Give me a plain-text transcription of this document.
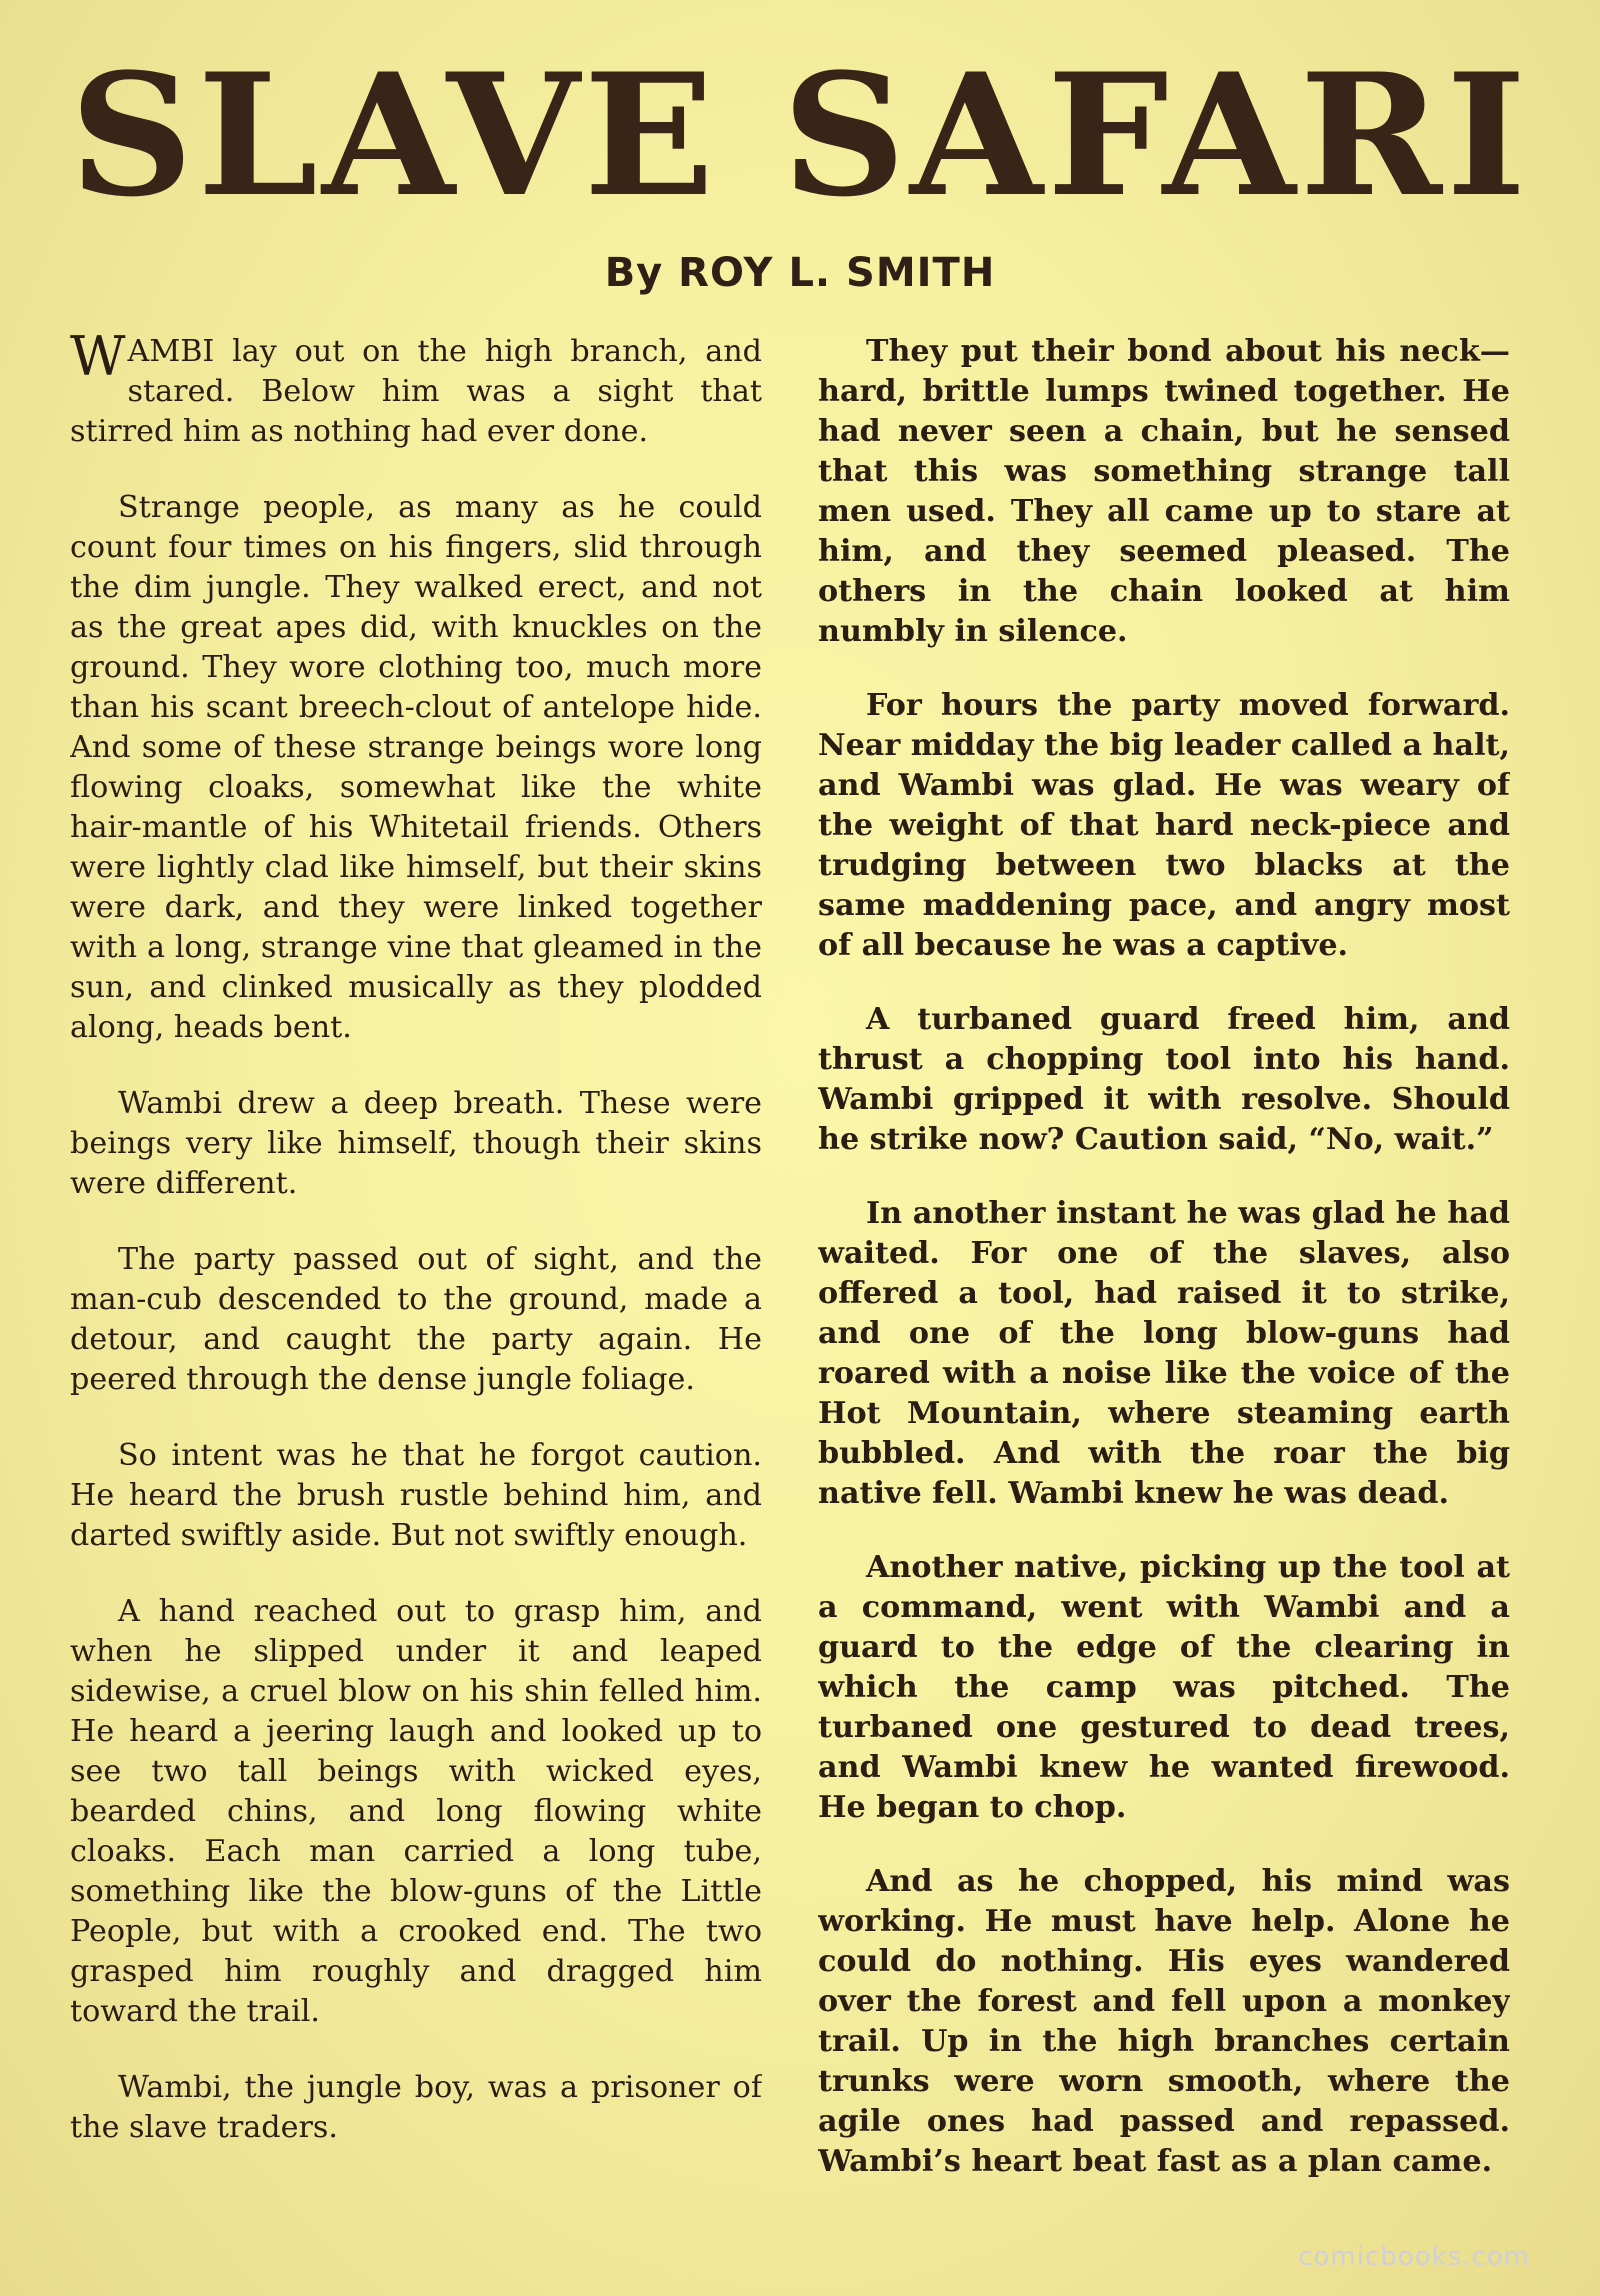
SLAVE SAFARI
By ROY L. SMITH

WAMBI lay out on the high branch, and stared. Below him was a sight that stirred him as nothing had ever done.

Strange people, as many as he could count four times on his fingers, slid through the dim jungle. They walked erect, and not as the great apes did, with knuckles on the ground. They wore clothing too, much more than his scant breech-clout of antelope hide. And some of these strange beings wore long flowing cloaks, somewhat like the white hair-mantle of his Whitetail friends. Others were lightly clad like himself, but their skins were dark, and they were linked together with a long, strange vine that gleamed in the sun, and clinked musically as they plodded along, heads bent.

Wambi drew a deep breath. These were beings very like himself, though their skins were different.

The party passed out of sight, and the man-cub descended to the ground, made a detour, and caught the party again. He peered through the dense jungle foliage.

So intent was he that he forgot caution. He heard the brush rustle behind him, and darted swiftly aside. But not swiftly enough.

A hand reached out to grasp him, and when he slipped under it and leaped sidewise, a cruel blow on his shin felled him. He heard a jeering laugh and looked up to see two tall beings with wicked eyes, bearded chins, and long flowing white cloaks. Each man carried a long tube, something like the blow-guns of the Little People, but with a crooked end. The two grasped him roughly and dragged him toward the trail.

Wambi, the jungle boy, was a prisoner of the slave traders.

They put their bond about his neck—hard, brittle lumps twined together. He had never seen a chain, but he sensed that this was something strange tall men used. They all came up to stare at him, and they seemed pleased. The others in the chain looked at him numbly in silence.

For hours the party moved forward. Near midday the big leader called a halt, and Wambi was glad. He was weary of the weight of that hard neck-piece and trudging between two blacks at the same maddening pace, and angry most of all because he was a captive.

A turbaned guard freed him, and thrust a chopping tool into his hand. Wambi gripped it with resolve. Should he strike now? Caution said, “No, wait.”

In another instant he was glad he had waited. For one of the slaves, also offered a tool, had raised it to strike, and one of the long blow-guns had roared with a noise like the voice of the Hot Mountain, where steaming earth bubbled. And with the roar the big native fell. Wambi knew he was dead.

Another native, picking up the tool at a command, went with Wambi and a guard to the edge of the clearing in which the camp was pitched. The turbaned one gestured to dead trees, and Wambi knew he wanted firewood. He began to chop.

And as he chopped, his mind was working. He must have help. Alone he could do nothing. His eyes wandered over the forest and fell upon a monkey trail. Up in the high branches certain trunks were worn smooth, where the agile ones had passed and repassed. Wambi’s heart beat fast as a plan came.

comicbooks.com
